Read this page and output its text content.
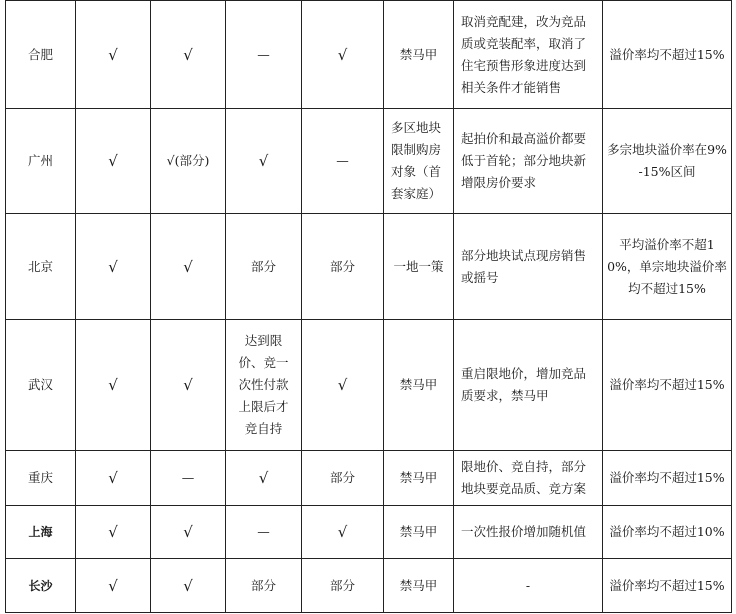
合肥	√	√	—	√	禁马甲	取消竞配建，改为竞品质或竞装配率，取消了住宅预售形象进度达到相关条件才能销售	溢价率均不超过15%
广州	√	√(部分)	√	—	多区地块限制购房对象（首套家庭）	起拍价和最高溢价都要低于首轮；部分地块新增限房价要求	多宗地块溢价率在9%-15%区间
北京	√	√	部分	部分	一地一策	部分地块试点现房销售或摇号	平均溢价率不超10%，单宗地块溢价率均不超过15%
武汉	√	√	达到限价、竞一次性付款上限后才竞自持	√	禁马甲	重启限地价，增加竞品质要求，禁马甲	溢价率均不超过15%
重庆	√	—	√	部分	禁马甲	限地价、竞自持，部分地块要竞品质、竞方案	溢价率均不超过15%
上海	√	√	—	√	禁马甲	一次性报价增加随机值	溢价率均不超过10%
长沙	√	√	部分	部分	禁马甲	-	溢价率均不超过15%
